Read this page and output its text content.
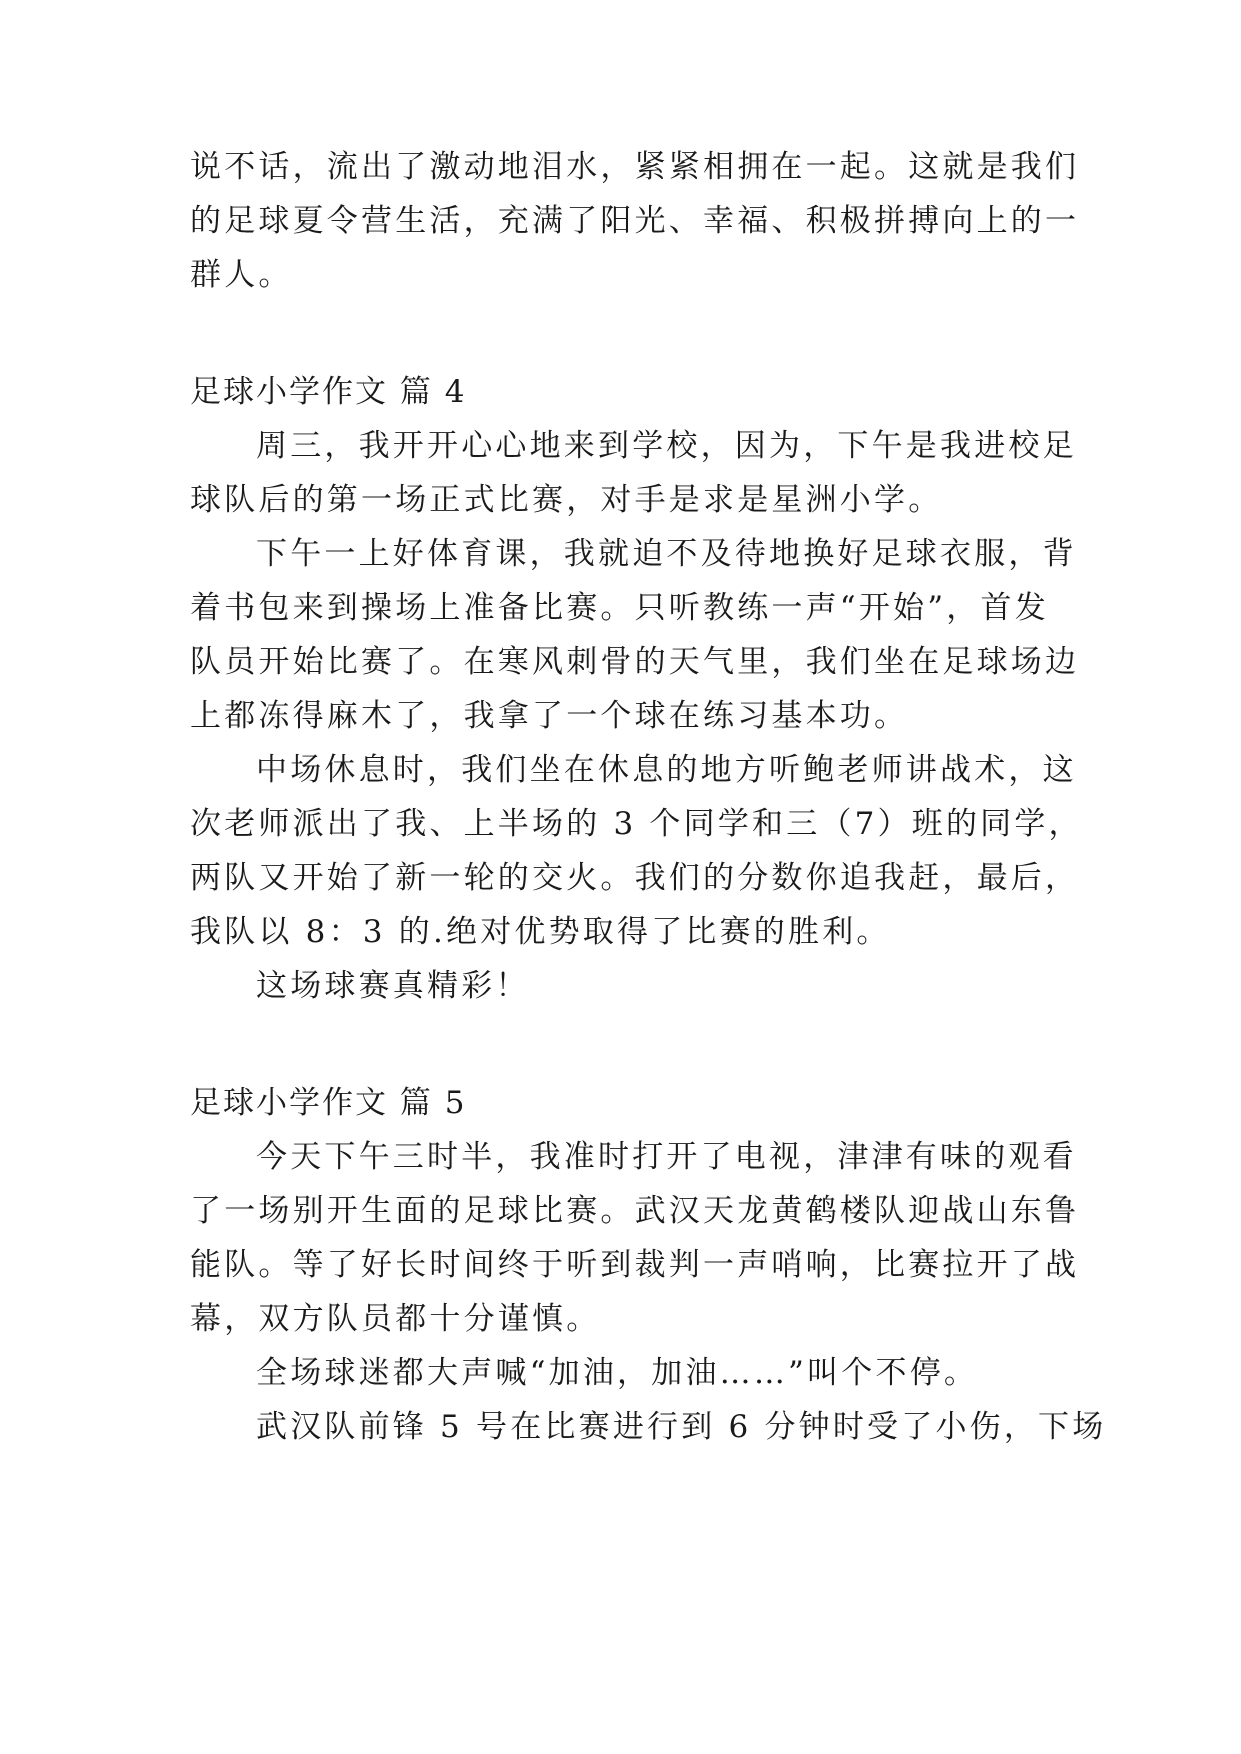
说不话，流出了激动地泪水，紧紧相拥在一起。这就是我们
的足球夏令营生活，充满了阳光、幸福、积极拼搏向上的一
群人。
足球小学作文 篇 4
周三，我开开心心地来到学校，因为，下午是我进校足
球队后的第一场正式比赛，对手是求是星洲小学。
下午一上好体育课，我就迫不及待地换好足球衣服，背
着书包来到操场上准备比赛。只听教练一声“开始”，首发
队员开始比赛了。在寒风刺骨的天气里，我们坐在足球场边
上都冻得麻木了，我拿了一个球在练习基本功。
中场休息时，我们坐在休息的地方听鲍老师讲战术，这
次老师派出了我、上半场的 3 个同学和三（7）班的同学，
两队又开始了新一轮的交火。我们的分数你追我赶，最后，
我队以 8：3 的.绝对优势取得了比赛的胜利。
这场球赛真精彩！
足球小学作文 篇 5
今天下午三时半，我准时打开了电视，津津有味的观看
了一场别开生面的足球比赛。武汉天龙黄鹤楼队迎战山东鲁
能队。等了好长时间终于听到裁判一声哨响，比赛拉开了战
幕，双方队员都十分谨慎。
全场球迷都大声喊“加油，加油……”叫个不停。
武汉队前锋 5 号在比赛进行到 6 分钟时受了小伤，下场
